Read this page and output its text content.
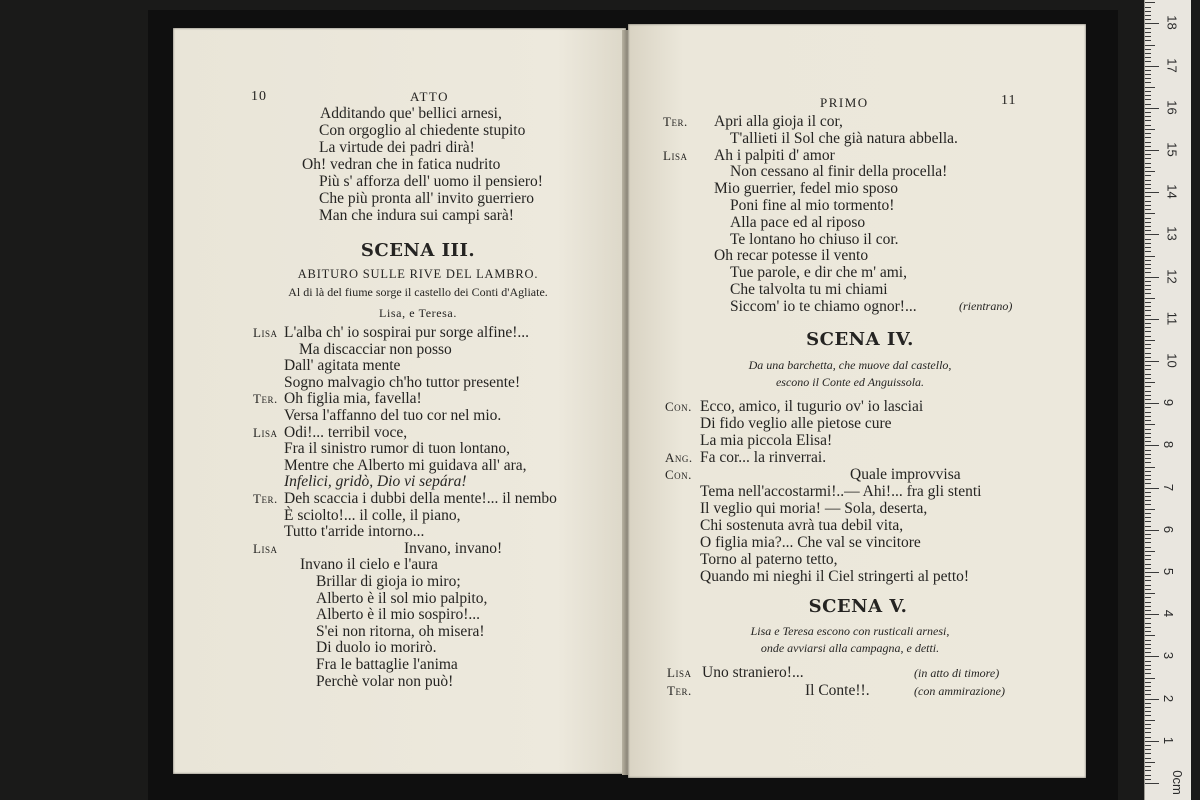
10	ATTO
Additando que' bellici arnesi,
Con orgoglio al chiedente stupito
La virtude dei padri dirà!
Oh! vedran che in fatica nudrito
Più s' afforza dell' uomo il pensiero!
Che più pronta all' invito guerriero
Man che indura sui campi sarà!
SCENA III.
ABITURO SULLE RIVE DEL LAMBRO.
Al di là del fiume sorge il castello dei Conti d'Agliate.
Lisa, e Teresa.
Lisa L'alba ch' io sospirai pur sorge alfine!...
Ma discacciar non posso
Dall' agitata mente
Sogno malvagio ch'ho tuttor presente!
Ter. Oh figlia mia, favella!
Versa l'affanno del tuo cor nel mio.
Lisa Odi!... terribil voce,
Fra il sinistro rumor di tuon lontano,
Mentre che Alberto mi guidava all' ara,
Infelici, gridò, Dio vi sepára!
Ter. Deh scaccia i dubbi della mente!... il nembo
È sciolto!... il colle, il piano,
Tutto t'arride intorno...
Lisa	Invano, invano!
Invano il cielo e l'aura
Brillar di gioja io miro;
Alberto è il sol mio palpito,
Alberto è il mio sospiro!...
S'ei non ritorna, oh misera!
Di duolo io morirò.
Fra le battaglie l'anima
Perchè volar non può!
PRIMO	11
Ter. Apri alla gioja il cor,
T'allieti il Sol che già natura abbella.
Lisa Ah i palpiti d' amor
Non cessano al finir della procella!
Mio guerrier, fedel mio sposo
Poni fine al mio tormento!
Alla pace ed al riposo
Te lontano ho chiuso il cor.
Oh recar potesse il vento
Tue parole, e dir che m' ami,
Che talvolta tu mi chiami
Siccom' io te chiamo ognor!...	(rientrano)
SCENA IV.
Da una barchetta, che muove dal castello,
escono il Conte ed Anguissola.
Con. Ecco, amico, il tugurio ov' io lasciai
Di fido veglio alle pietose cure
La mia piccola Elisa!
Ang. Fa cor... la rinverrai.
Con.	Quale improvvisa
Tema nell'accostarmi!..— Ahi!... fra gli stenti
Il veglio qui moria! — Sola, deserta,
Chi sostenuta avrà tua debil vita,
O figlia mia?... Che val se vincitore
Torno al paterno tetto,
Quando mi nieghi il Ciel stringerti al petto!
SCENA V.
Lisa e Teresa escono con rusticali arnesi,
onde avviarsi alla campagna, e detti.
Lisa Uno straniero!...	(in atto di timore)
Ter.	Il Conte!!.	(con ammirazione)
0cm
1
2
3
4
5
6
7
8
9
10
11
12
13
14
15
16
17
18
